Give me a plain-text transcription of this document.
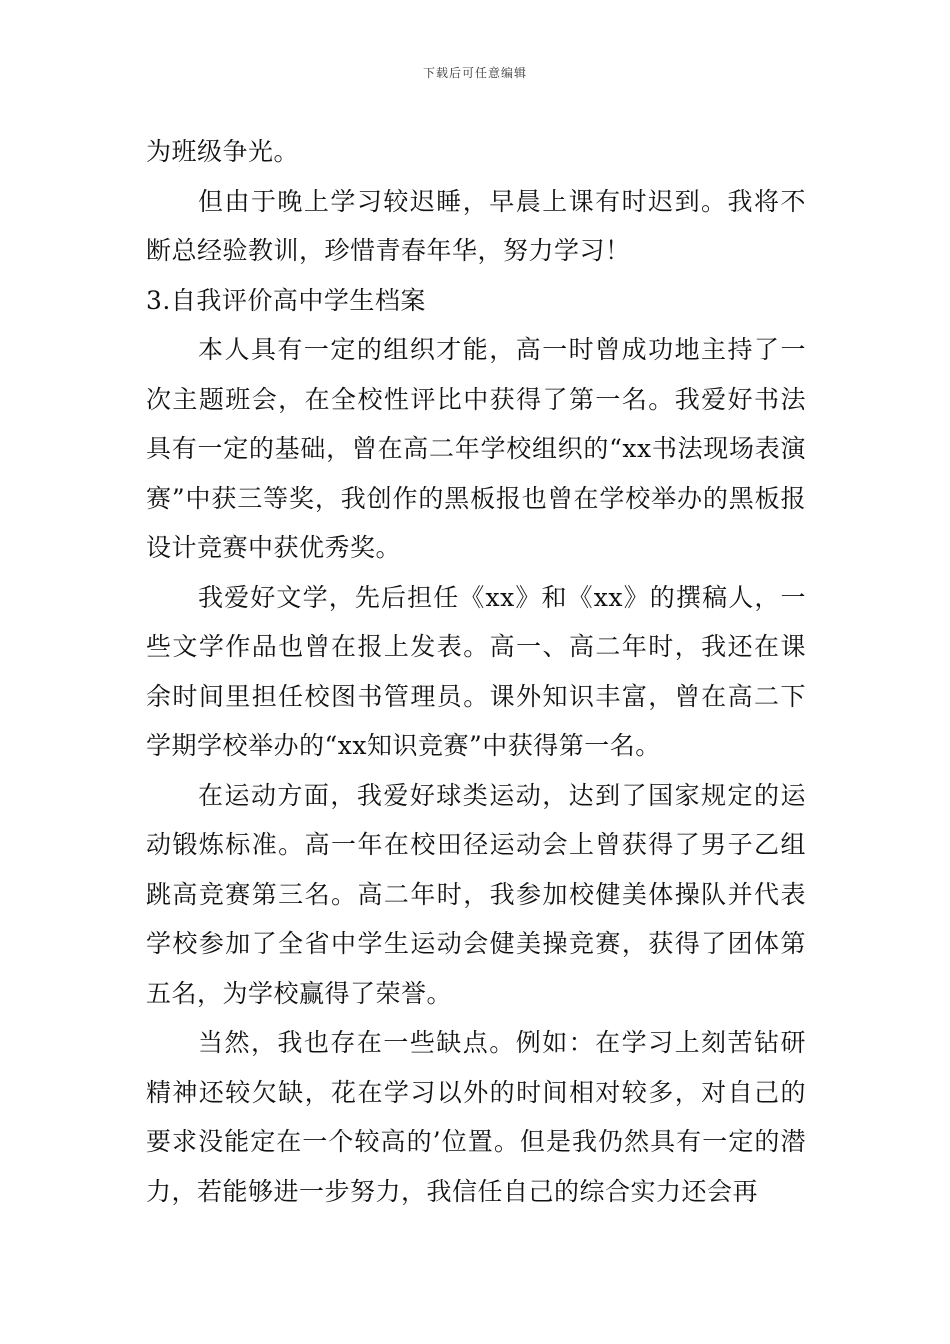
下载后可任意编辑

为班级争光。

但由于晚上学习较迟睡，早晨上课有时迟到。我将不断总经验教训，珍惜青春年华，努力学习！

3.自我评价高中学生档案

本人具有一定的组织才能，高一时曾成功地主持了一次主题班会，在全校性评比中获得了第一名。我爱好书法具有一定的基础，曾在高二年学校组织的“xx书法现场表演赛”中获三等奖，我创作的黑板报也曾在学校举办的黑板报设计竞赛中获优秀奖。

我爱好文学，先后担任《xx》和《xx》的撰稿人，一些文学作品也曾在报上发表。高一、高二年时，我还在课余时间里担任校图书管理员。课外知识丰富，曾在高二下学期学校举办的“xx知识竞赛”中获得第一名。

在运动方面，我爱好球类运动，达到了国家规定的运动锻炼标准。高一年在校田径运动会上曾获得了男子乙组跳高竞赛第三名。高二年时，我参加校健美体操队并代表学校参加了全省中学生运动会健美操竞赛，获得了团体第五名，为学校赢得了荣誉。

当然，我也存在一些缺点。例如：在学习上刻苦钻研精神还较欠缺，花在学习以外的时间相对较多，对自己的要求没能定在一个较高的’位置。但是我仍然具有一定的潜力，若能够进一步努力，我信任自己的综合实力还会再
